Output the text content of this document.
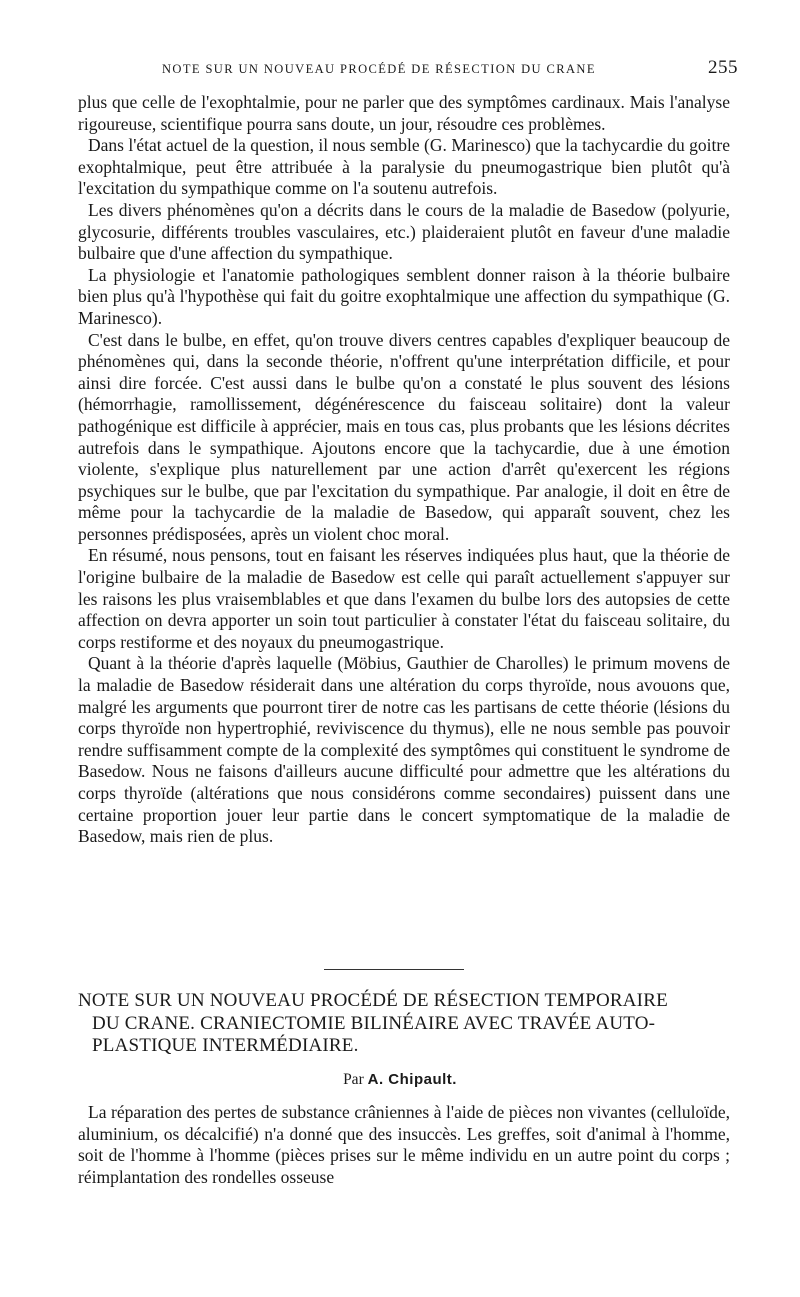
NOTE SUR UN NOUVEAU PROCÉDÉ DE RÉSECTION DU CRANE	255

plus que celle de l'exophtalmie, pour ne parler que des symptômes cardinaux. Mais l'analyse rigoureuse, scientifique pourra sans doute, un jour, résoudre ces problèmes.

Dans l'état actuel de la question, il nous semble (G. Marinesco) que la tachycardie du goitre exophtalmique, peut être attribuée à la paralysie du pneumogastrique bien plutôt qu'à l'excitation du sympathique comme on l'a soutenu autrefois.

Les divers phénomènes qu'on a décrits dans le cours de la maladie de Basedow (polyurie, glycosurie, différents troubles vasculaires, etc.) plaideraient plutôt en faveur d'une maladie bulbaire que d'une affection du sympathique.

La physiologie et l'anatomie pathologiques semblent donner raison à la théorie bulbaire bien plus qu'à l'hypothèse qui fait du goitre exophtalmique une affection du sympathique (G. Marinesco).

C'est dans le bulbe, en effet, qu'on trouve divers centres capables d'expliquer beaucoup de phénomènes qui, dans la seconde théorie, n'offrent qu'une interprétation difficile, et pour ainsi dire forcée. C'est aussi dans le bulbe qu'on a constaté le plus souvent des lésions (hémorrhagie, ramollissement, dégénérescence du faisceau solitaire) dont la valeur pathogénique est difficile à apprécier, mais en tous cas, plus probants que les lésions décrites autrefois dans le sympathique. Ajoutons encore que la tachycardie, due à une émotion violente, s'explique plus naturellement par une action d'arrêt qu'exercent les régions psychiques sur le bulbe, que par l'excitation du sympathique. Par analogie, il doit en être de même pour la tachycardie de la maladie de Basedow, qui apparaît souvent, chez les personnes prédisposées, après un violent choc moral.

En résumé, nous pensons, tout en faisant les réserves indiquées plus haut, que la théorie de l'origine bulbaire de la maladie de Basedow est celle qui paraît actuellement s'appuyer sur les raisons les plus vraisemblables et que dans l'examen du bulbe lors des autopsies de cette affection on devra apporter un soin tout particulier à constater l'état du faisceau solitaire, du corps restiforme et des noyaux du pneumogastrique.

Quant à la théorie d'après laquelle (Möbius, Gauthier de Charolles) le primum movens de la maladie de Basedow résiderait dans une altération du corps thyroïde, nous avouons que, malgré les arguments que pourront tirer de notre cas les partisans de cette théorie (lésions du corps thyroïde non hypertrophié, reviviscence du thymus), elle ne nous semble pas pouvoir rendre suffisamment compte de la complexité des symptômes qui constituent le syndrome de Basedow. Nous ne faisons d'ailleurs aucune difficulté pour admettre que les altérations du corps thyroïde (altérations que nous considérons comme secondaires) puissent dans une certaine proportion jouer leur partie dans le concert symptomatique de la maladie de Basedow, mais rien de plus.

NOTE SUR UN NOUVEAU PROCÉDÉ DE RÉSECTION TEMPORAIRE
DU CRANE. CRANIECTOMIE BILINÉAIRE AVEC TRAVÉE AUTO-
PLASTIQUE INTERMÉDIAIRE.
Par A. Chipault.

La réparation des pertes de substance crâniennes à l'aide de pièces non vivantes (celluloïde, aluminium, os décalcifié) n'a donné que des insuccès. Les greffes, soit d'animal à l'homme, soit de l'homme à l'homme (pièces prises sur le même individu en un autre point du corps ; réimplantation des rondelles osseuse
